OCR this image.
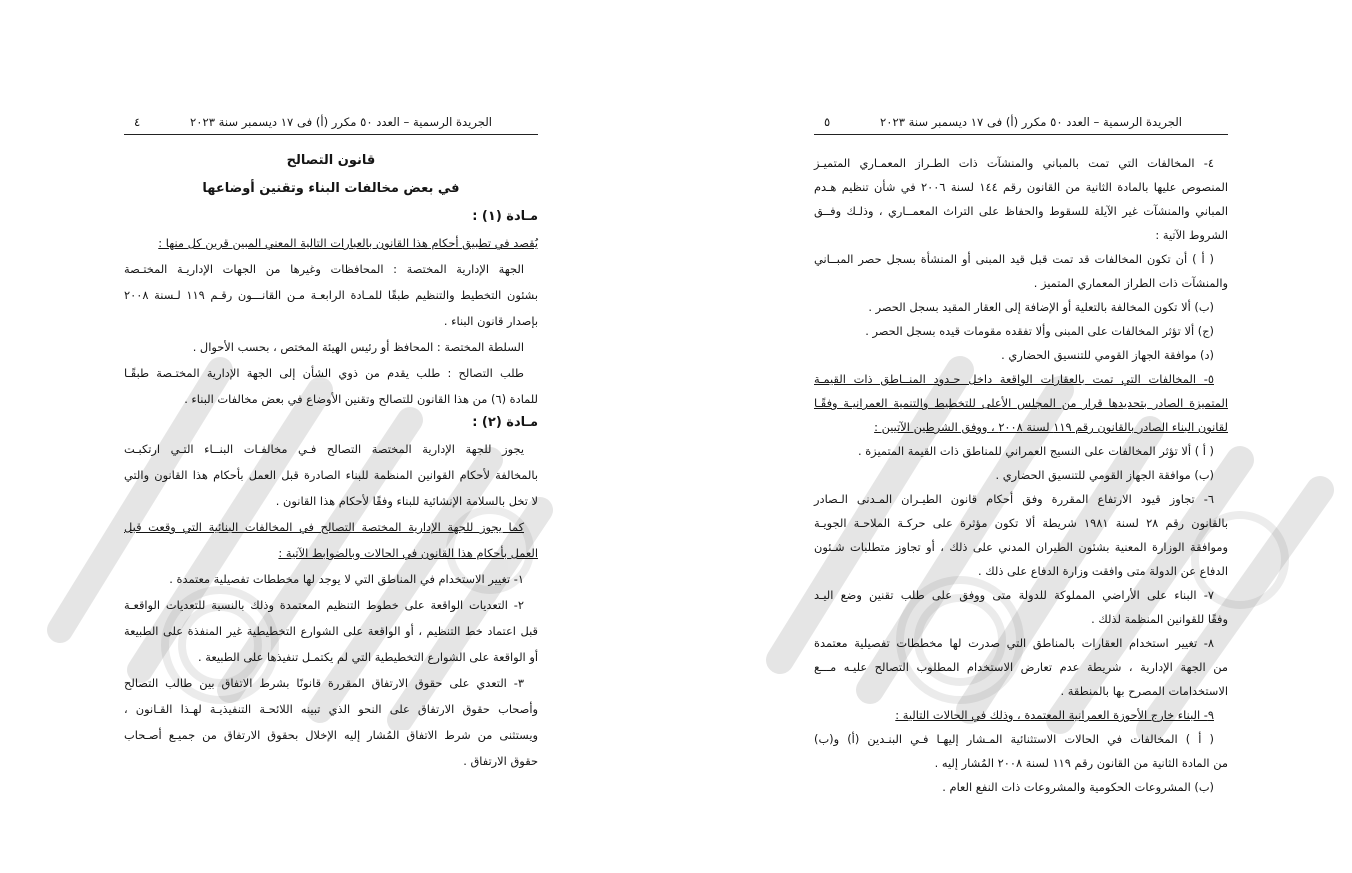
الجريدة الرسمية – العدد ٥٠ مكرر (أ) فى ١٧ ديسمبر سنة ٢٠٢٣
٤
قانون التصالح
في بعض مخالفات البناء وتقنين أوضاعها
مـادة (١) :
يُقصد في تطبيق أحكام هذا القانون بالعبارات التالية المعني المبين قرين كل منها :
الجهة الإدارية المختصة : المحافظات وغيرها من الجهات الإداريـة المختـصة
بشئون التخطيط والتنظيم طبقًا للمـادة الرابعـة مـن القانـــون رقـم ١١٩ لـسنة ٢٠٠٨
بإصدار قانون البناء .
السلطة المختصة : المحافظ أو رئيس الهيئة المختص ، بحسب الأحوال .
طلب التصالح : طلب يقدم من ذوي الشأن إلى الجهة الإدارية المختـصة طبقًـا
للمادة (٦) من هذا القانون للتصالح وتقنين الأوضاع في بعض مخالفات البناء .
مـادة (٢) :
يجوز للجهة الإدارية المختصة التصالح فـي مخالفـات البنــاء التـي ارتكبـت
بالمخالفة لأحكام القوانين المنظمة للبناء الصادرة قبل العمل بأحكام هذا القانون والتي
لا تخل بالسلامة الإنشائية للبناء وفقًا لأحكام هذا القانون .
كما يجوز للجهة الإدارية المختصة التصالح في المخالفات البنائية التي وقعت قبل
العمل بأحكام هذا القانون في الحالات وبالضوابط الآتية :
١- تغيير الاستخدام في المناطق التي لا يوجد لها مخططات تفصيلية معتمدة .
٢- التعديات الواقعة على خطوط التنظيم المعتمدة وذلك بالنسبة للتعديات الواقعـة
قبل اعتماد خط التنظيم ، أو الواقعة على الشوارع التخطيطية غير المنفذة على الطبيعة
أو الواقعة على الشوارع التخطيطية التي لم يكتمـل تنفيذها على الطبيعة .
٣- التعدي على حقوق الارتفاق المقررة قانونًا بشرط الاتفاق بين طالب التصالح
وأصحاب حقوق الارتفاق على النحو الذي تبينه اللائحـة التنفيذيـة لهـذا القـانون ،
ويستثنى من شرط الاتفاق المُشار إليه الإخلال بحقوق الارتفاق من جميـع أصـحاب
حقوق الارتفاق .
الجريدة الرسمية – العدد ٥٠ مكرر (أ) فى ١٧ ديسمبر سنة ٢٠٢٣
٥
٤- المخالفات التي تمت بالمباني والمنشآت ذات الطـراز المعمـاري المتميـز
المنصوص عليها بالمادة الثانية من القانون رقم ١٤٤ لسنة ٢٠٠٦ في شأن تنظيم هـدم
المباني والمنشآت غير الآيلة للسقوط والحفاظ على التراث المعمــاري ، وذلـك وفــق
الشروط الآتية :
( أ ) أن تكون المخالفات قد تمت قبل قيد المبنى أو المنشأة بسجل حصر المبــاني
والمنشآت ذات الطراز المعماري المتميز .
(ب) ألا تكون المخالفة بالتعلية أو الإضافة إلى العقار المقيد بسجل الحصر .
(ج) ألا تؤثر المخالفات على المبنى وألا تفقده مقومات قيده بسجل الحصر .
(د) موافقة الجهاز القومي للتنسيق الحضاري .
٥- المخالفات التي تمت بالعقارات الواقعة داخل حـدود المنــاطق ذات القيمـة
المتميزة الصادر بتحديدها قرار من المجلس الأعلى للتخطيط والتنمية العمرانيـة وفقًـا
لقانون البناء الصادر بالقانون رقم ١١٩ لسنة ٢٠٠٨ ، ووفق الشرطين الآتيين :
( أ ) ألا تؤثر المخالفات على النسيج العمراني للمناطق ذات القيمة المتميزة .
(ب) موافقة الجهاز القومي للتنسيق الحضاري .
٦- تجاوز قيود الارتفاع المقررة وفق أحكام قانون الطيـران المـدنى الـصادر
بالقانون رقم ٢٨ لسنة ١٩٨١ شريطة ألا تكون مؤثرة على حركـة الملاحـة الجويـة
وموافقة الوزارة المعنية بشئون الطيران المدني على ذلك ، أو تجاوز متطلبات شـئون
الدفاع عن الدولة متى وافقت وزارة الدفاع على ذلك .
٧- البناء على الأراضي المملوكة للدولة متى ووفق على طلب تقنين وضع اليـد
وفقًا للقوانين المنظمة لذلك .
٨- تغيير استخدام العقارات بالمناطق التي صدرت لها مخططات تفصيلية معتمدة
من الجهة الإدارية ، شريطة عدم تعارض الاستخدام المطلوب التصالح عليـه مـــع
الاستخدامات المصرح بها بالمنطقة .
٩- البناء خارج الأحوزة العمرانية المعتمدة ، وذلك في الحالات التالية :
( أ ) المخالفات في الحالات الاستثنائية المـشار إليهـا فـي البنـدين (أ) و(ب)
من المادة الثانية من القانون رقم ١١٩ لسنة ٢٠٠٨ المُشار إليه .
(ب) المشروعات الحكومية والمشروعات ذات النفع العام .
